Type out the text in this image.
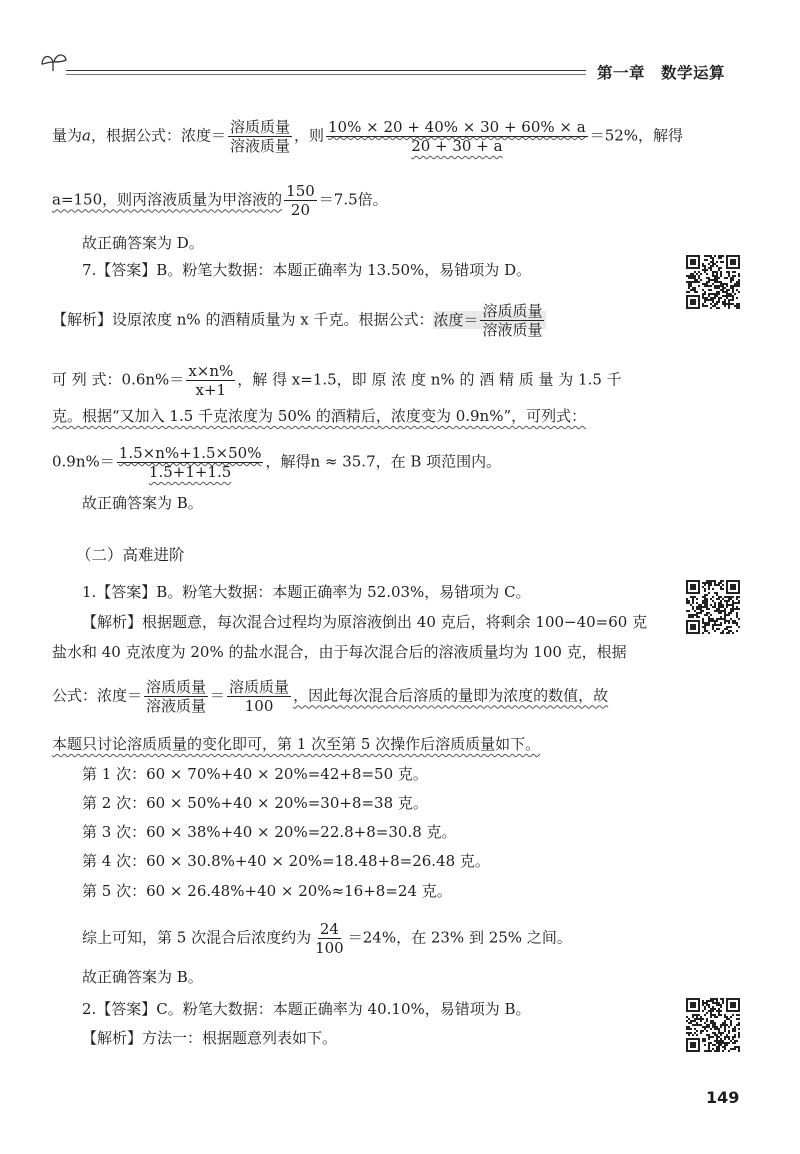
第一章　数学运算
量为a，根据公式：浓度＝ $\frac{\text{溶质质量}}{\text{溶液质量}}$ ，则 $\frac{10\% \times 20 + 40\% \times 30 + 60\% \times a}{20 + 30 + a} =52\%$，解得
a=150，则丙溶液质量为甲溶液的 $\frac{150}{20} =7.5$倍。
故正确答案为 D。
7.【答案】B。粉笔大数据：本题正确率为 13.50%，易错项为 D。
【解析】设原浓度 n% 的酒精质量为 x 千克。根据公式：浓度＝ $\frac{\text{溶质质量}}{\text{溶液质量}}$
可 列 式：$0.6n\%= \frac{x\times n\%}{x+1}$ ，解 得 x=1.5，即 原 浓 度 n% 的 酒 精 质 量 为 1.5 千
克。根据“又加入 1.5 千克浓度为 50% 的酒精后，浓度变为 0.9n%”，可列式：
$0.9n\%= \frac{1.5\times n\%+1.5\times 50\%}{1.5+1+1.5}$ ，解得n ≈ 35.7，在 B 项范围内。
故正确答案为 B。
（二）高难进阶
1.【答案】B。粉笔大数据：本题正确率为 52.03%，易错项为 C。
【解析】根据题意，每次混合过程均为原溶液倒出 40 克后，将剩余 100−40=60 克
盐水和 40 克浓度为 20% 的盐水混合，由于每次混合后的溶液质量均为 100 克，根据
公式：浓度＝ $\frac{\text{溶质质量}}{\text{溶液质量}} = \frac{\text{溶质质量}}{100}$ ，因此每次混合后溶质的量即为浓度的数值，故
本题只讨论溶质质量的变化即可，第 1 次至第 5 次操作后溶质质量如下。
第 1 次：60 × 70%+40 × 20%=42+8=50 克。
第 2 次：60 × 50%+40 × 20%=30+8=38 克。
第 3 次：60 × 38%+40 × 20%=22.8+8=30.8 克。
第 4 次：60 × 30.8%+40 × 20%=18.48+8=26.48 克。
第 5 次：60 × 26.48%+40 × 20%≈16+8=24 克。
综上可知，第 5 次混合后浓度约为 $\frac{24}{100} =24\%$，在 23% 到 25% 之间。
故正确答案为 B。
2.【答案】C。粉笔大数据：本题正确率为 40.10%，易错项为 B。
【解析】方法一：根据题意列表如下。
149
